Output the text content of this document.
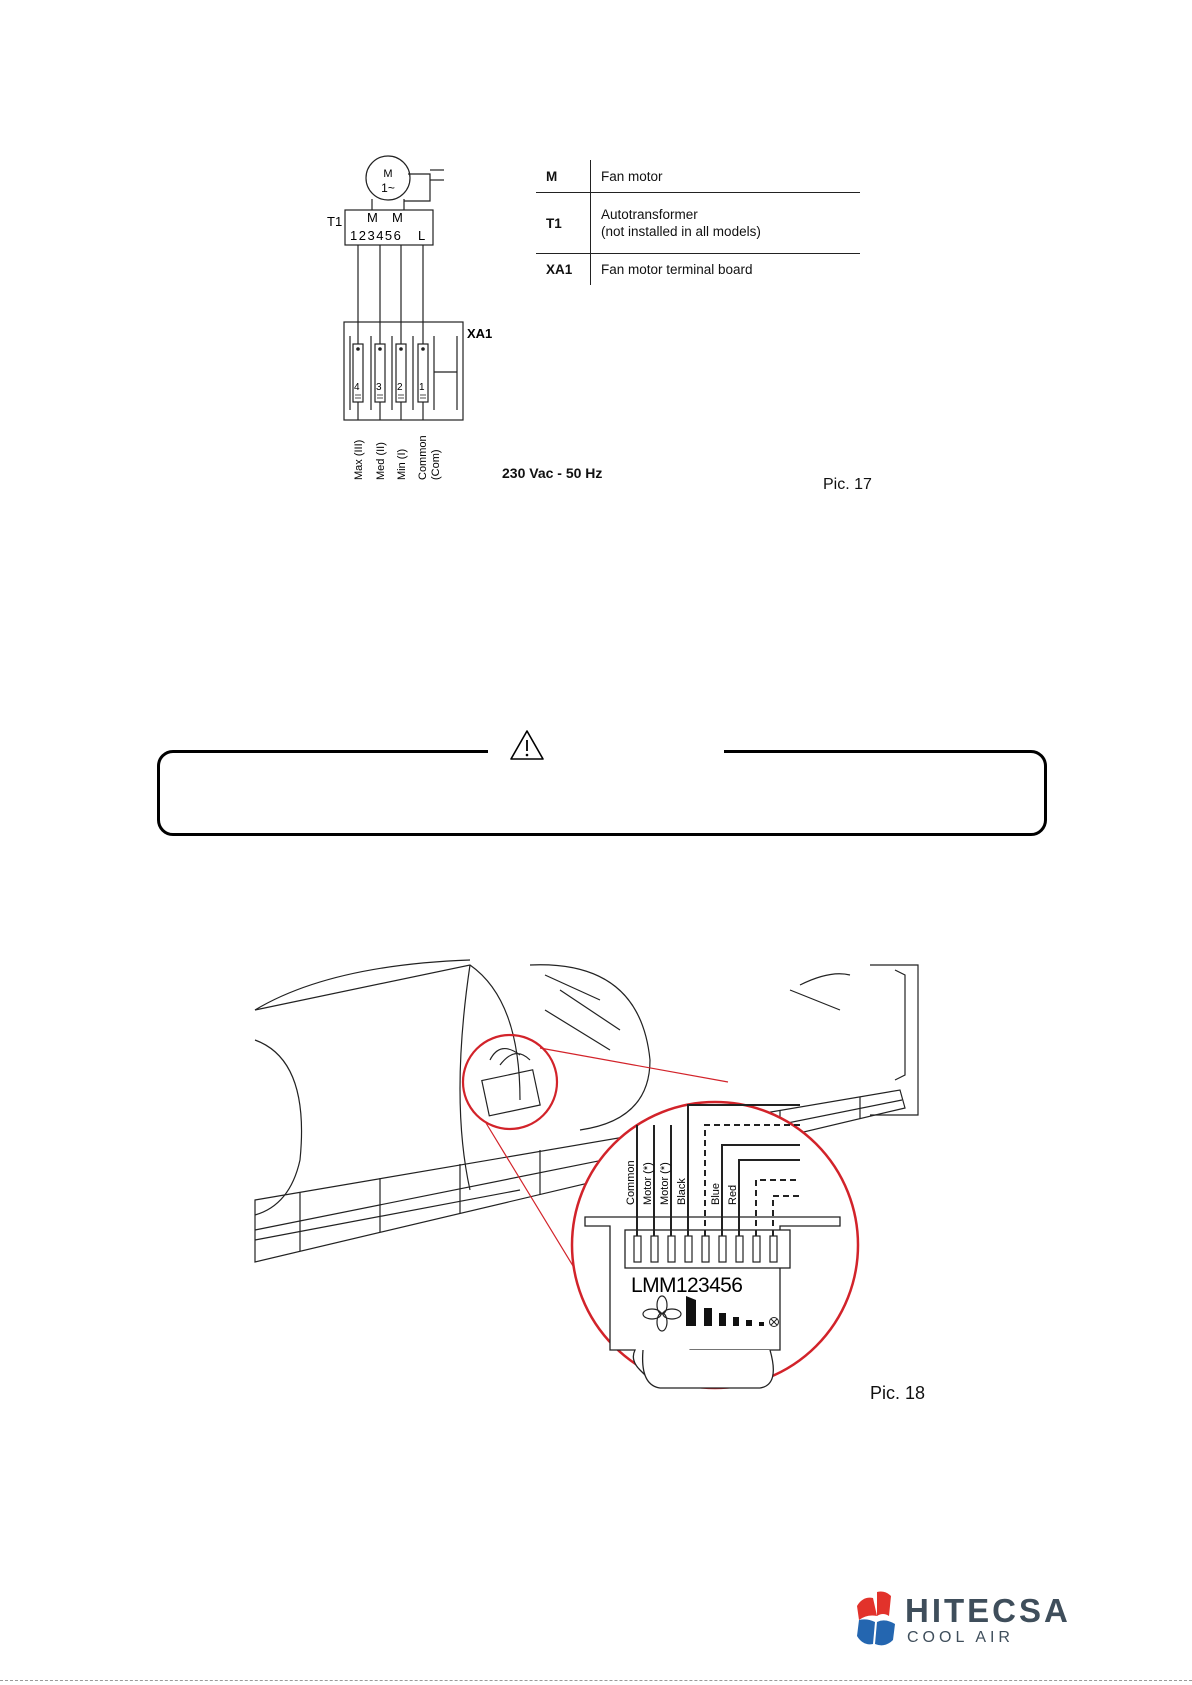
M
1~
T1 M M
123456 L
XA1
4 3 2 1
Max (III) Med (II) Min (I) Common (Com)
M	Fan motor
T1	Autotransformer
(not installed in all models)
XA1	Fan motor terminal board
230 Vac - 50 Hz
Pic. 17
Common Motor (*) Motor (*) Black Blue Red
LMM123456
Pic. 18
HITECSA
COOL AIR
